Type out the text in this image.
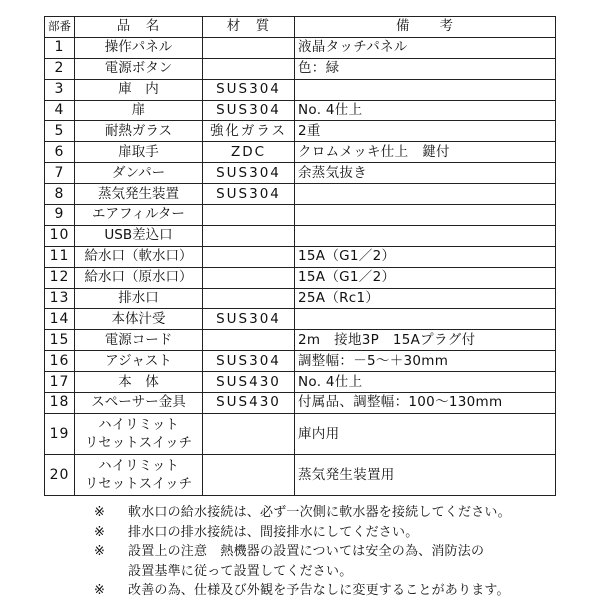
部番	品　名	材　質	備　　考
1	操作パネル		液晶タッチパネル
2	電源ボタン		色：緑
3	庫　内	SUS304	
4	扉	SUS304	No. 4仕上
5	耐熱ガラス	強化ガラス	2重
6	扉取手	ZDC	クロムメッキ仕上　鍵付
7	ダンパー	SUS304	余蒸気抜き
8	蒸気発生装置	SUS304	
9	エアフィルター		
10	USB差込口		
11	給水口（軟水口）		15A（G1／2）
12	給水口（原水口）		15A（G1／2）
13	排水口		25A（Rc1）
14	本体汁受	SUS304	
15	電源コード		2m　接地3P　15Aプラグ付
16	アジャスト	SUS304	調整幅：－5～＋30mm
17	本　体	SUS430	No. 4仕上
18	スペーサー金具	SUS430	付属品、調整幅：100～130mm
19	ハイリミット
リセットスイッチ		庫内用
20	ハイリミット
リセットスイッチ		蒸気発生装置用
※	軟水口の給水接続は、必ず一次側に軟水器を接続してください。
※	排水口の排水接続は、間接排水にしてください。
※	設置上の注意　熱機器の設置については安全の為、消防法の
設置基準に従って設置してください。
※	改善の為、仕様及び外観を予告なしに変更することがあります。
